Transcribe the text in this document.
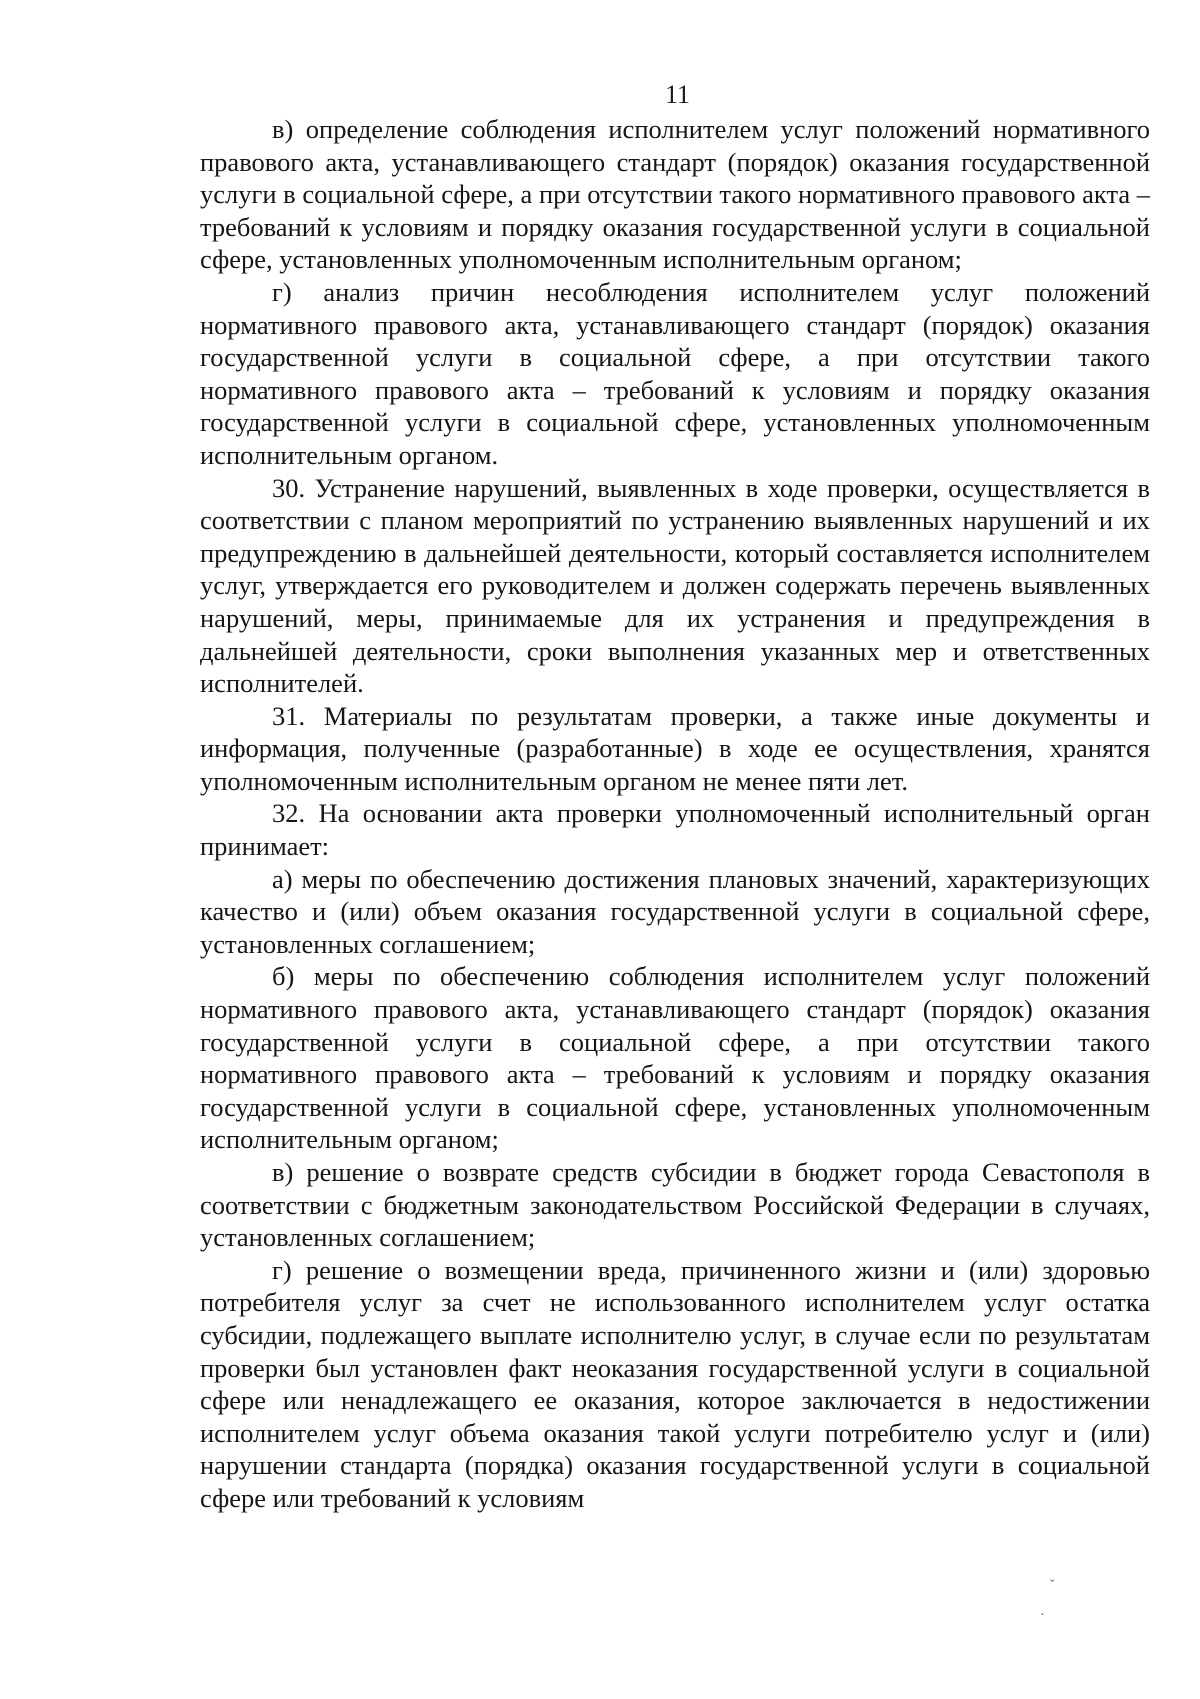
11

в) определение соблюдения исполнителем услуг положений нормативного правового акта, устанавливающего стандарт (порядок) оказания государственной услуги в социальной сфере, а при отсутствии такого нормативного правового акта – требований к условиям и порядку оказания государственной услуги в социальной сфере, установленных уполномоченным исполнительным органом;

г) анализ причин несоблюдения исполнителем услуг положений нормативного правового акта, устанавливающего стандарт (порядок) оказания государственной услуги в социальной сфере, а при отсутствии такого нормативного правового акта – требований к условиям и порядку оказания государственной услуги в социальной сфере, установленных уполномоченным исполнительным органом.

30. Устранение нарушений, выявленных в ходе проверки, осуществляется в соответствии с планом мероприятий по устранению выявленных нарушений и их предупреждению в дальнейшей деятельности, который составляется исполнителем услуг, утверждается его руководителем и должен содержать перечень выявленных нарушений, меры, принимаемые для их устранения и предупреждения в дальнейшей деятельности, сроки выполнения указанных мер и ответственных исполнителей.

31. Материалы по результатам проверки, а также иные документы и информация, полученные (разработанные) в ходе ее осуществления, хранятся уполномоченным исполнительным органом не менее пяти лет.

32. На основании акта проверки уполномоченный исполнительный орган принимает:

а) меры по обеспечению достижения плановых значений, характеризующих качество и (или) объем оказания государственной услуги в социальной сфере, установленных соглашением;

б) меры по обеспечению соблюдения исполнителем услуг положений нормативного правового акта, устанавливающего стандарт (порядок) оказания государственной услуги в социальной сфере, а при отсутствии такого нормативного правового акта – требований к условиям и порядку оказания государственной услуги в социальной сфере, установленных уполномоченным исполнительным органом;

в) решение о возврате средств субсидии в бюджет города Севастополя в соответствии с бюджетным законодательством Российской Федерации в случаях, установленных соглашением;

г) решение о возмещении вреда, причиненного жизни и (или) здоровью потребителя услуг за счет не использованного исполнителем услуг остатка субсидии, подлежащего выплате исполнителю услуг, в случае если по результатам проверки был установлен факт неоказания государственной услуги в социальной сфере или ненадлежащего ее оказания, которое заключается в недостижении исполнителем услуг объема оказания такой услуги потребителю услуг и (или) нарушении стандарта (порядка) оказания государственной услуги в социальной сфере или требований к условиям

ˇ
·
